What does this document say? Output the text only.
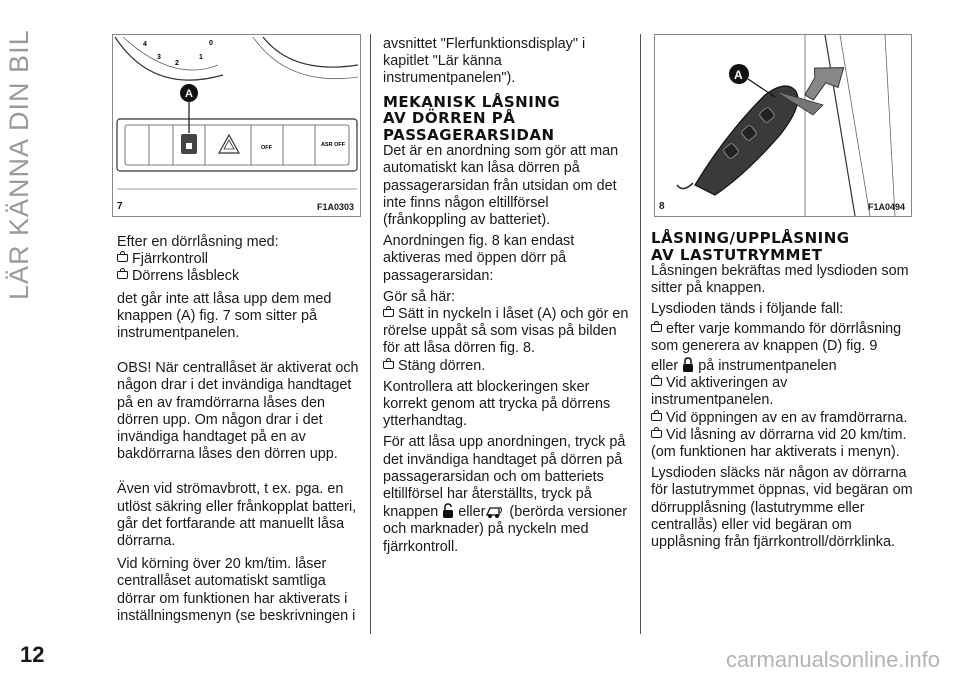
LÄR KÄNNA DIN BIL
12
4	0
3	1
2
OFF	ASR OFF
A
7	F1A0303

Efter en dörrlåsning med:

Fjärrkontroll

Dörrens låsbleck

det går inte att låsa upp dem med knappen (A) fig. 7 som sitter på instrumentpanelen.

OBS! När centrallåset är aktiverat och någon drar i det invändiga handtaget på en av framdörrarna låses den dörren upp. Om någon drar i det invändiga handtaget på en av bakdörrarna låses den dörren upp.

Även vid strömavbrott, t ex. pga. en utlöst säkring eller frånkopplat batteri, går det fortfarande att manuellt låsa dörrarna.

Vid körning över 20 km/tim. låser centrallåset automatiskt samtliga dörrar om funktionen har aktiverats i inställningsmenyn (se beskrivningen i

avsnittet "Flerfunktionsdisplay" i kapitlet "Lär känna instrumentpanelen").

MEKANISK LÅSNING
AV DÖRREN PÅ
PASSAGERARSIDAN

Det är en anordning som gör att man automatiskt kan låsa dörren på passagerarsidan från utsidan om det inte finns någon eltillförsel (frånkoppling av batteriet).

Anordningen fig. 8 kan endast aktiveras med öppen dörr på passagerarsidan:

Gör så här:

Sätt in nyckeln i låset (A) och gör en rörelse uppåt så som visas på bilden för att låsa dörren fig. 8.

Stäng dörren.

Kontrollera att blockeringen sker korrekt genom att trycka på dörrens ytterhandtag.

För att låsa upp anordningen, tryck på det invändiga handtaget på dörren på passagerarsidan och om batteriets eltillförsel har återställts, tryck på knappen eller (berörda versioner och marknader) på nyckeln med fjärrkontroll.

A
8	F1A0494
LÅSNING/UPPLÅSNING
AV LASTUTRYMMET

Låsningen bekräftas med lysdioden som sitter på knappen.

Lysdioden tänds i följande fall:

efter varje kommando för dörrlåsning som generera av knappen (D) fig. 9

eller på instrumentpanelen

Vid aktiveringen av instrumentpanelen.

Vid öppningen av en av framdörrarna.

Vid låsning av dörrarna vid 20 km/tim. (om funktionen har aktiverats i menyn).

Lysdioden släcks när någon av dörrarna för lastutrymmet öppnas, vid begäran om dörrupplåsning (lastutrymme eller centrallås) eller vid begäran om upplåsning från fjärrkontroll/dörrklinka.

carmanualsonline.info
